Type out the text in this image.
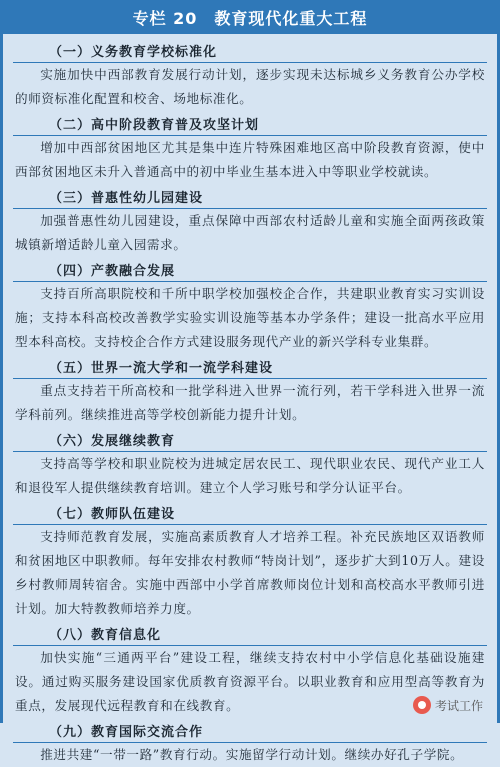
专栏 20　教育现代化重大工程
（一）义务教育学校标准化

实施加快中西部教育发展行动计划，逐步实现未达标城乡义务教育公办学校的师资标准化配置和校舍、场地标准化。

（二）高中阶段教育普及攻坚计划

增加中西部贫困地区尤其是集中连片特殊困难地区高中阶段教育资源，使中西部贫困地区未升入普通高中的初中毕业生基本进入中等职业学校就读。

（三）普惠性幼儿园建设

加强普惠性幼儿园建设，重点保障中西部农村适龄儿童和实施全面两孩政策城镇新增适龄儿童入园需求。

（四）产教融合发展

支持百所高职院校和千所中职学校加强校企合作，共建职业教育实习实训设施；支持本科高校改善教学实验实训设施等基本办学条件；建设一批高水平应用型本科高校。支持校企合作方式建设服务现代产业的新兴学科专业集群。

（五）世界一流大学和一流学科建设

重点支持若干所高校和一批学科进入世界一流行列，若干学科进入世界一流学科前列。继续推进高等学校创新能力提升计划。

（六）发展继续教育

支持高等学校和职业院校为进城定居农民工、现代职业农民、现代产业工人和退役军人提供继续教育培训。建立个人学习账号和学分认证平台。

（七）教师队伍建设

支持师范教育发展，实施高素质教育人才培养工程。补充民族地区双语教师和贫困地区中职教师。每年安排农村教师“特岗计划”，逐步扩大到10万人。建设乡村教师周转宿舍。实施中西部中小学首席教师岗位计划和高校高水平教师引进计划。加大特教教师培养力度。

（八）教育信息化

加快实施“三通两平台”建设工程，继续支持农村中小学信息化基础设施建设。通过购买服务建设国家优质教育资源平台。以职业教育和应用型高等教育为重点，发展现代远程教育和在线教育。

（九）教育国际交流合作

推进共建“一带一路”教育行动。实施留学行动计划。继续办好孔子学院。

考试工作
